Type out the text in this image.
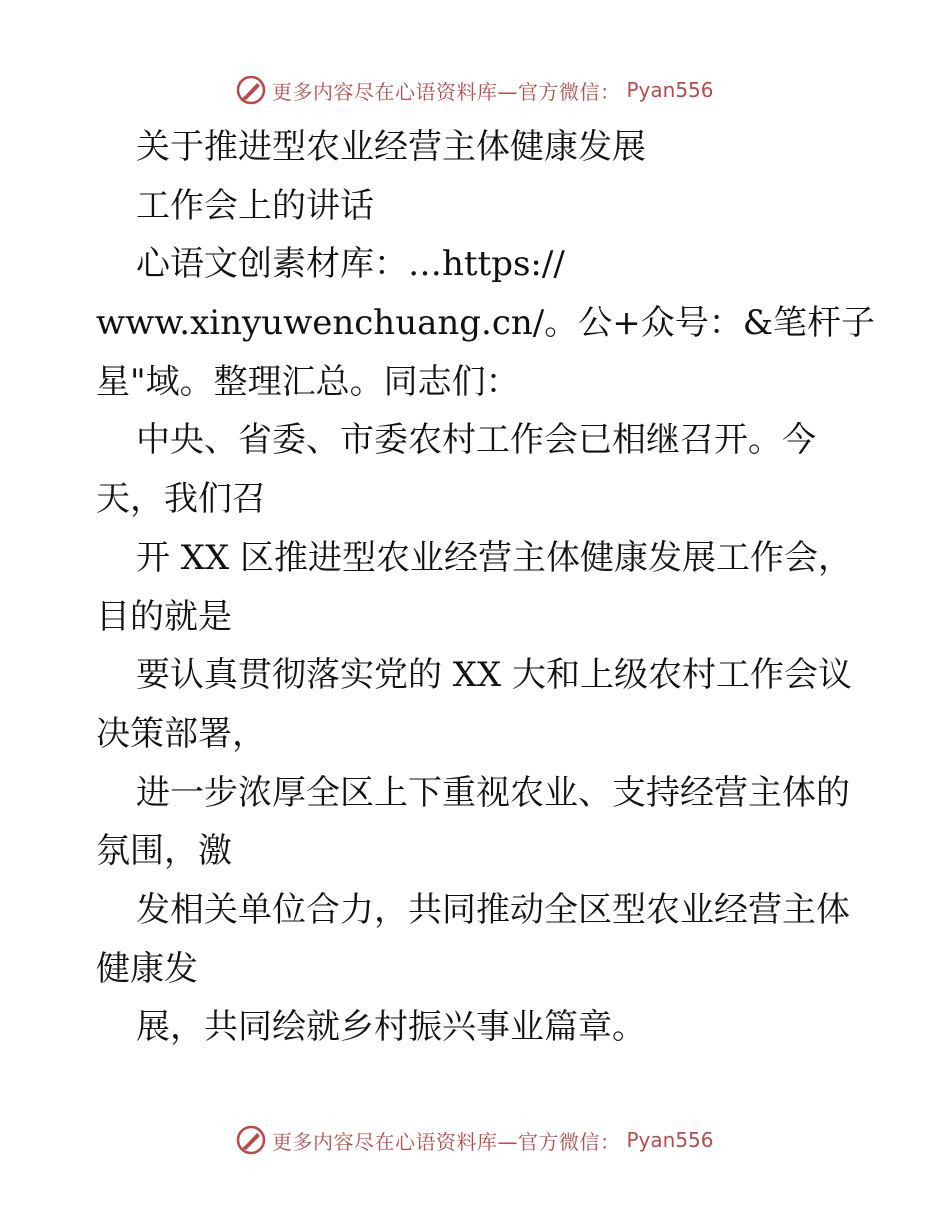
更多内容尽在心语资料库—官方微信： Pyan556

关于推进型农业经营主体健康发展

工作会上的讲话

心语文创素材库：…https://

www.xinyuwenchuang.cn/。公+众号：&笔杆子

星"域。整理汇总。同志们：

中央、省委、市委农村工作会已相继召开。今

天，我们召

开 XX 区推进型农业经营主体健康发展工作会，

目的就是

要认真贯彻落实党的 XX 大和上级农村工作会议

决策部署，

进一步浓厚全区上下重视农业、支持经营主体的

氛围，激

发相关单位合力，共同推动全区型农业经营主体

健康发

展，共同绘就乡村振兴事业篇章。

更多内容尽在心语资料库—官方微信： Pyan556
